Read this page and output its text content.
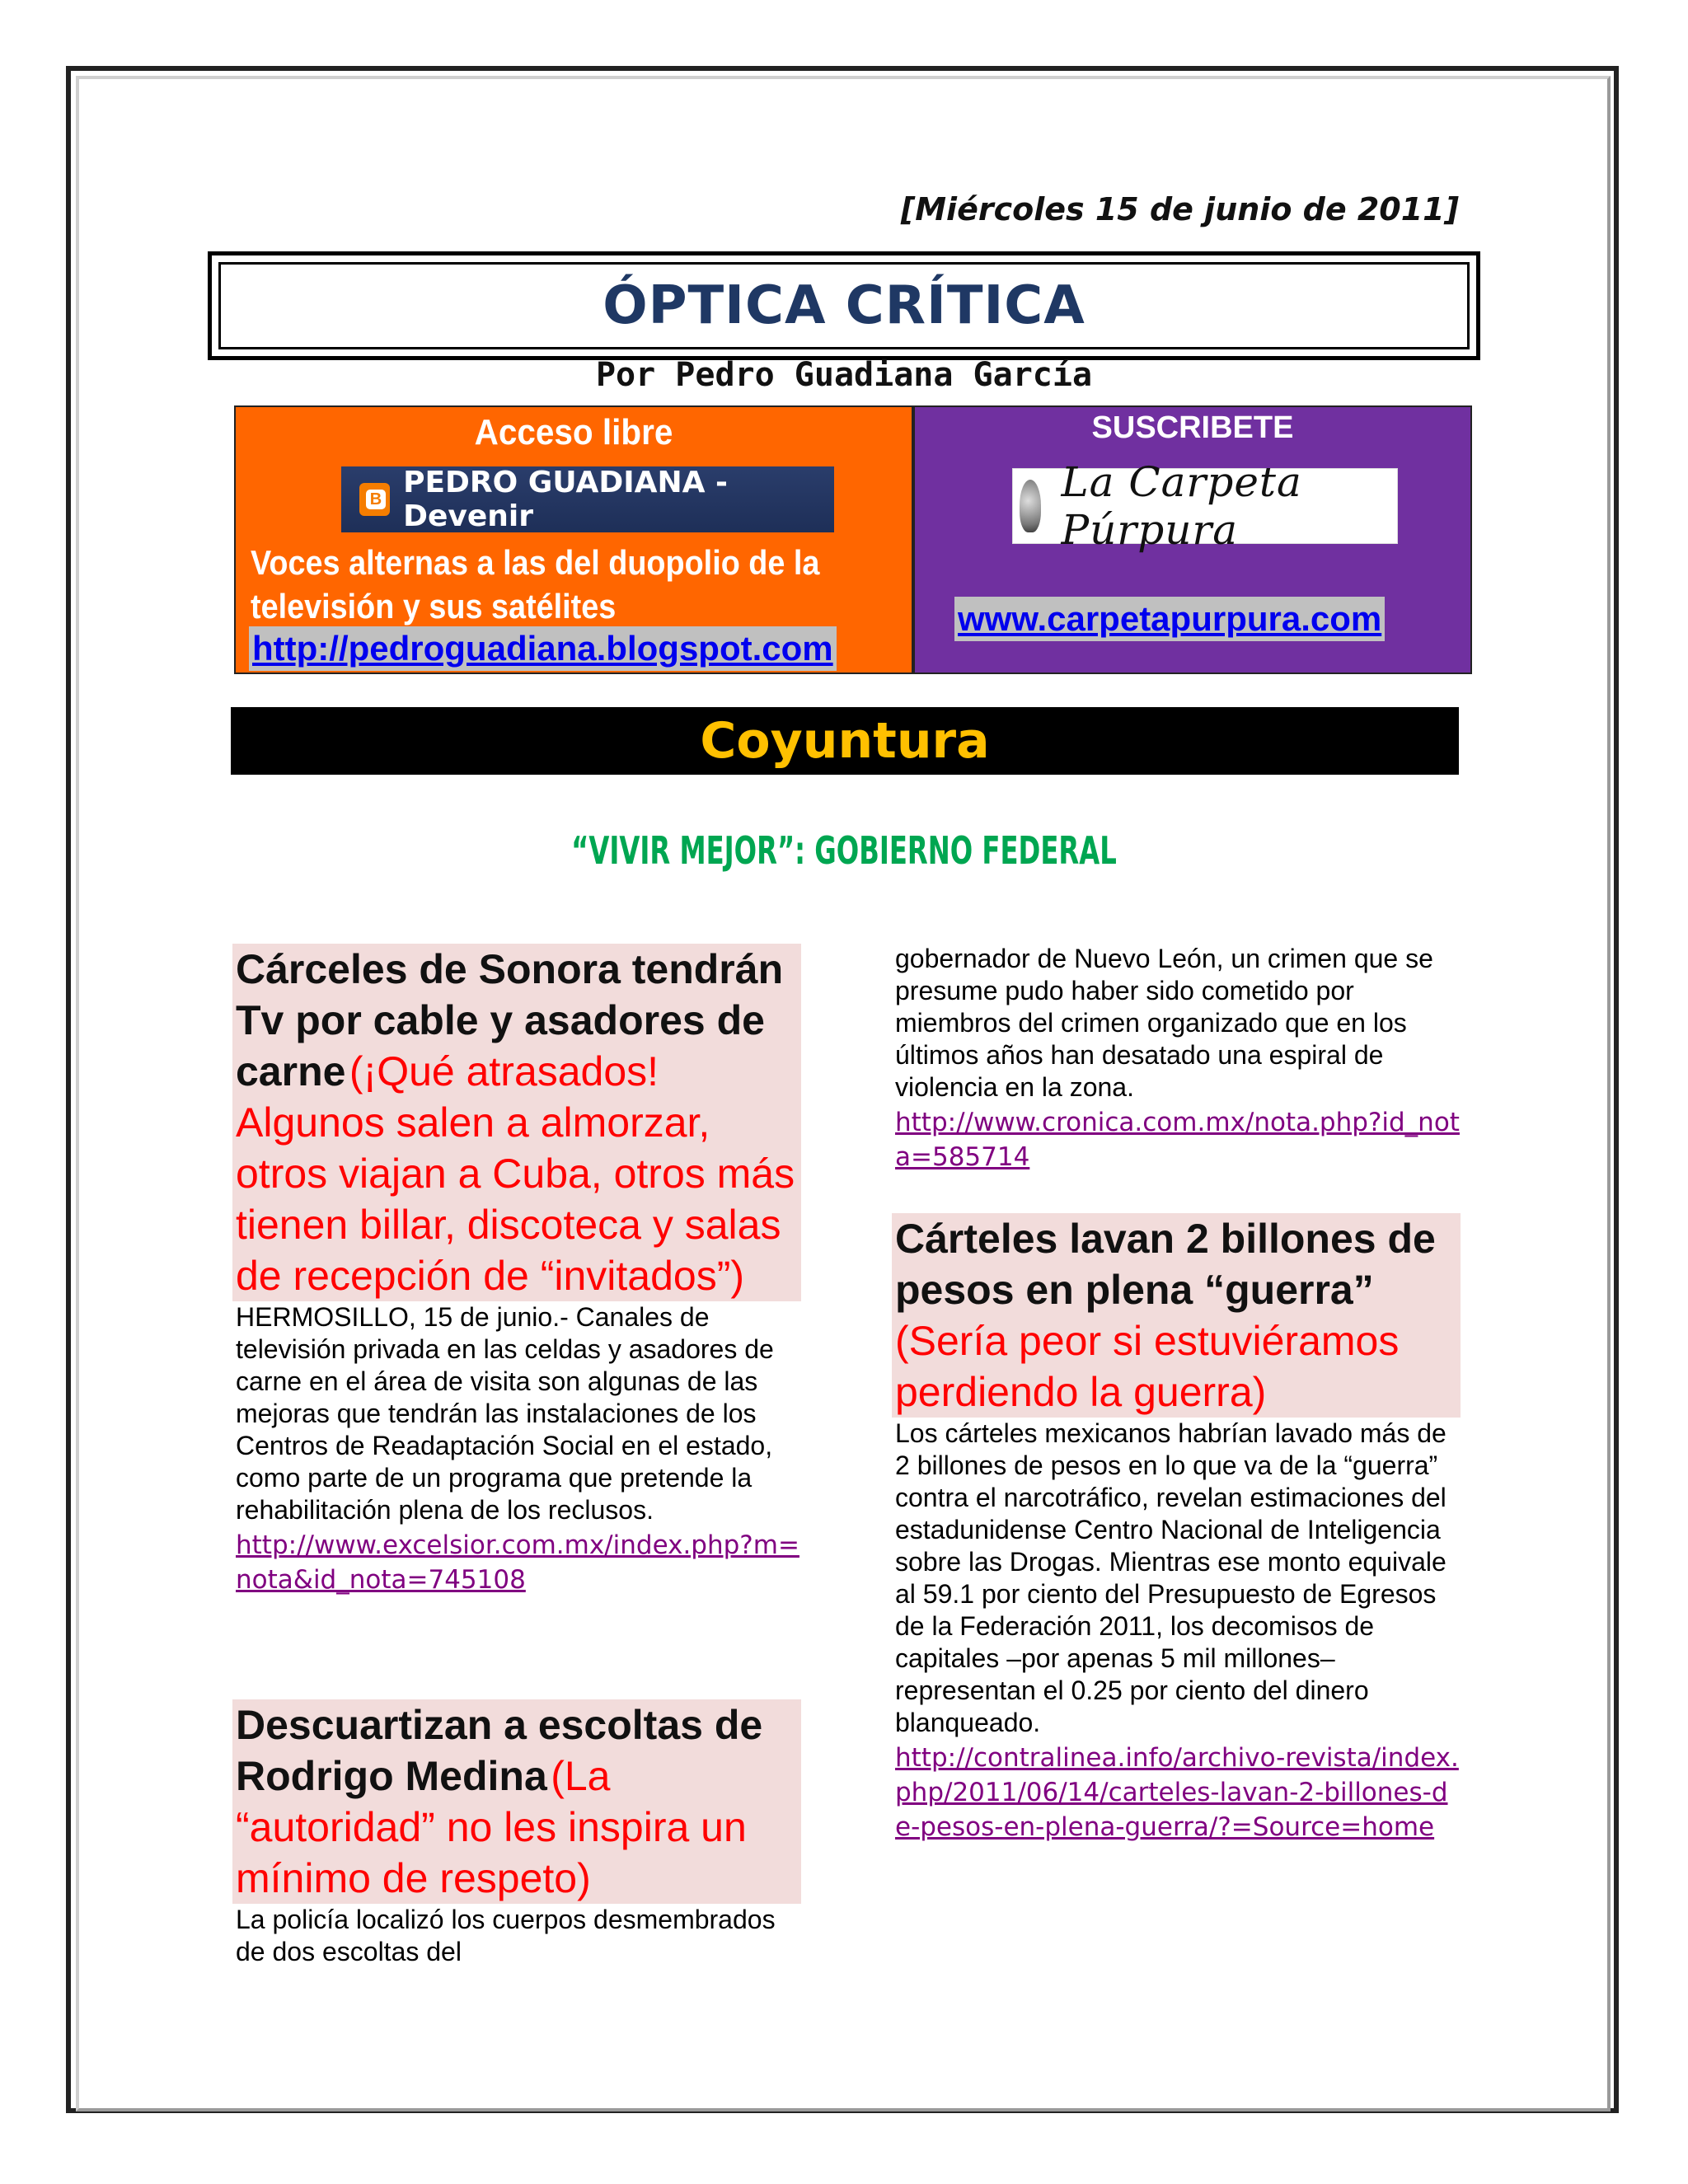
[Miércoles 15 de junio de 2011]
ÓPTICA CRÍTICA
Por Pedro Guadiana García
Acceso libre
B PEDRO GUADIANA - Devenir
Voces alternas a las del duopolio de la televisión y sus satélites
http://pedroguadiana.blogspot.com
SUSCRIBETE
La Carpeta Púrpura
www.carpetapurpura.com
Coyuntura
“VIVIR MEJOR”: GOBIERNO FEDERAL
Cárceles de Sonora tendrán Tv por cable y asadores de carne (¡Qué atrasados! Algunos salen a almorzar, otros viajan a Cuba, otros más tienen billar, discoteca y salas de recepción de “invitados”)
HERMOSILLO, 15 de junio.- Canales de televisión privada en las celdas y asadores de carne en el área de visita son algunas de las mejoras que tendrán las instalaciones de los Centros de Readaptación Social en el estado, como parte de un programa que pretende la rehabilitación plena de los reclusos.
http://www.excelsior.com.mx/index.php?m=nota&id_nota=745108
Descuartizan a escoltas de Rodrigo Medina (La “autoridad” no les inspira un mínimo de respeto)
La policía localizó los cuerpos desmembrados de dos escoltas del
gobernador de Nuevo León, un crimen que se presume pudo haber sido cometido por miembros del crimen organizado que en los últimos años han desatado una espiral de violencia en la zona.
http://www.cronica.com.mx/nota.php?id_nota=585714
Cárteles lavan 2 billones de pesos en plena “guerra” (Sería peor si estuviéramos perdiendo la guerra)
Los cárteles mexicanos habrían lavado más de 2 billones de pesos en lo que va de la “guerra” contra el narcotráfico, revelan estimaciones del estadunidense Centro Nacional de Inteligencia sobre las Drogas. Mientras ese monto equivale al 59.1 por ciento del Presupuesto de Egresos de la Federación 2011, los decomisos de capitales –por apenas 5 mil millones– representan el 0.25 por ciento del dinero blanqueado.
http://contralinea.info/archivo-revista/index.php/2011/06/14/carteles-lavan-2-billones-de-pesos-en-plena-guerra/?=Source=home
